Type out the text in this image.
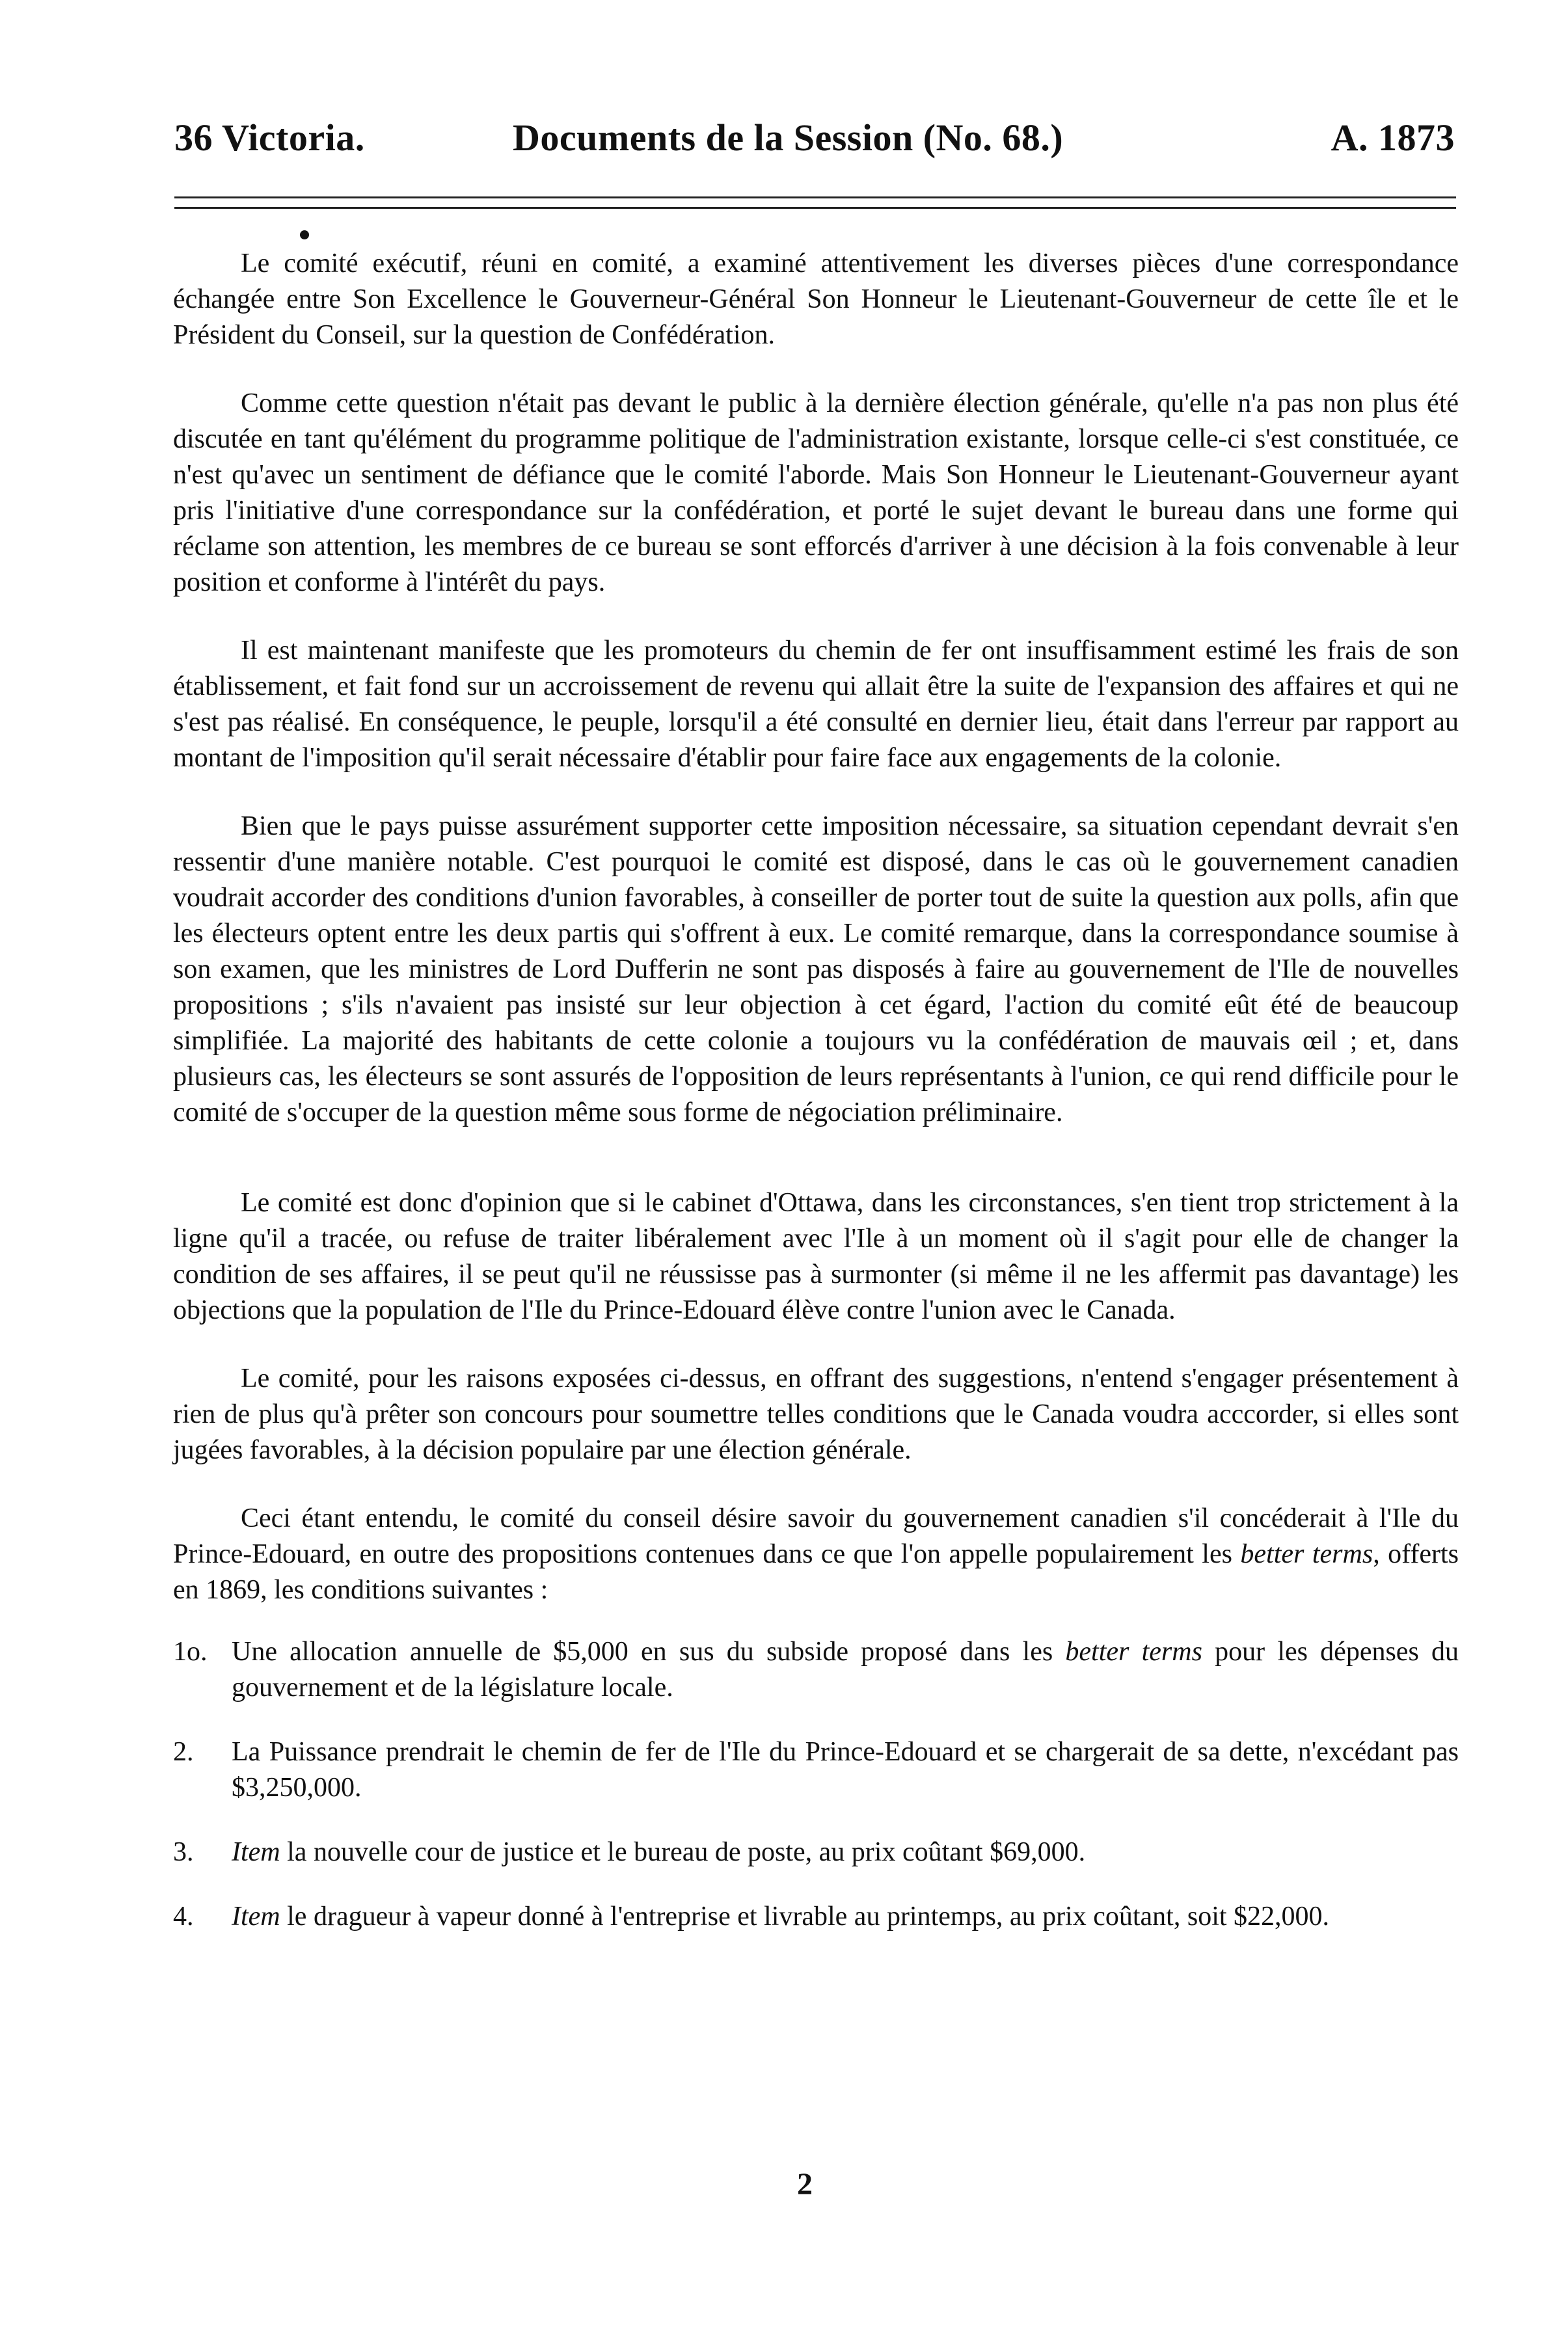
36 Victoria.	Documents de la Session (No. 68.)	A. 1873

Le comité exécutif, réuni en comité, a examiné attentivement les diverses pièces d'une correspondance échangée entre Son Excellence le Gouverneur-Général Son Honneur le Lieutenant-Gouverneur de cette île et le Président du Conseil, sur la question de Confédération.

Comme cette question n'était pas devant le public à la dernière élection générale, qu'elle n'a pas non plus été discutée en tant qu'élément du programme politique de l'administration existante, lorsque celle-ci s'est constituée, ce n'est qu'avec un sentiment de défiance que le comité l'aborde. Mais Son Honneur le Lieutenant-Gouverneur ayant pris l'initiative d'une correspondance sur la confédération, et porté le sujet devant le bureau dans une forme qui réclame son attention, les membres de ce bureau se sont efforcés d'arriver à une décision à la fois convenable à leur position et conforme à l'intérêt du pays.

Il est maintenant manifeste que les promoteurs du chemin de fer ont insuffisamment estimé les frais de son établissement, et fait fond sur un accroissement de revenu qui allait être la suite de l'expansion des affaires et qui ne s'est pas réalisé. En conséquence, le peuple, lorsqu'il a été consulté en dernier lieu, était dans l'erreur par rapport au montant de l'imposition qu'il serait nécessaire d'établir pour faire face aux engagements de la colonie.

Bien que le pays puisse assurément supporter cette imposition nécessaire, sa situation cependant devrait s'en ressentir d'une manière notable. C'est pourquoi le comité est disposé, dans le cas où le gouvernement canadien voudrait accorder des conditions d'union favorables, à conseiller de porter tout de suite la question aux polls, afin que les électeurs optent entre les deux partis qui s'offrent à eux. Le comité remarque, dans la correspondance soumise à son examen, que les ministres de Lord Dufferin ne sont pas disposés à faire au gouvernement de l'Ile de nouvelles propositions ; s'ils n'avaient pas insisté sur leur objection à cet égard, l'action du comité eût été de beaucoup simplifiée. La majorité des habitants de cette colonie a toujours vu la confédération de mauvais œil ; et, dans plusieurs cas, les électeurs se sont assurés de l'opposition de leurs représentants à l'union, ce qui rend difficile pour le comité de s'occuper de la question même sous forme de négociation préliminaire.

Le comité est donc d'opinion que si le cabinet d'Ottawa, dans les circonstances, s'en tient trop strictement à la ligne qu'il a tracée, ou refuse de traiter libéralement avec l'Ile à un moment où il s'agit pour elle de changer la condition de ses affaires, il se peut qu'il ne réussisse pas à surmonter (si même il ne les affermit pas davantage) les objections que la population de l'Ile du Prince-Edouard élève contre l'union avec le Canada.

Le comité, pour les raisons exposées ci-dessus, en offrant des suggestions, n'entend s'engager présentement à rien de plus qu'à prêter son concours pour soumettre telles conditions que le Canada voudra acccorder, si elles sont jugées favorables, à la décision populaire par une élection générale.

Ceci étant entendu, le comité du conseil désire savoir du gouvernement canadien s'il concéderait à l'Ile du Prince-Edouard, en outre des propositions contenues dans ce que l'on appelle populairement les better terms, offerts en 1869, les conditions suivantes :

1o. Une allocation annuelle de $5,000 en sus du subside proposé dans les better terms pour les dépenses du gouvernement et de la législature locale.

2. La Puissance prendrait le chemin de fer de l'Ile du Prince-Edouard et se chargerait de sa dette, n'excédant pas $3,250,000.

3. Item la nouvelle cour de justice et le bureau de poste, au prix coûtant $69,000.

4. Item le dragueur à vapeur donné à l'entreprise et livrable au printemps, au prix coûtant, soit $22,000.

2
